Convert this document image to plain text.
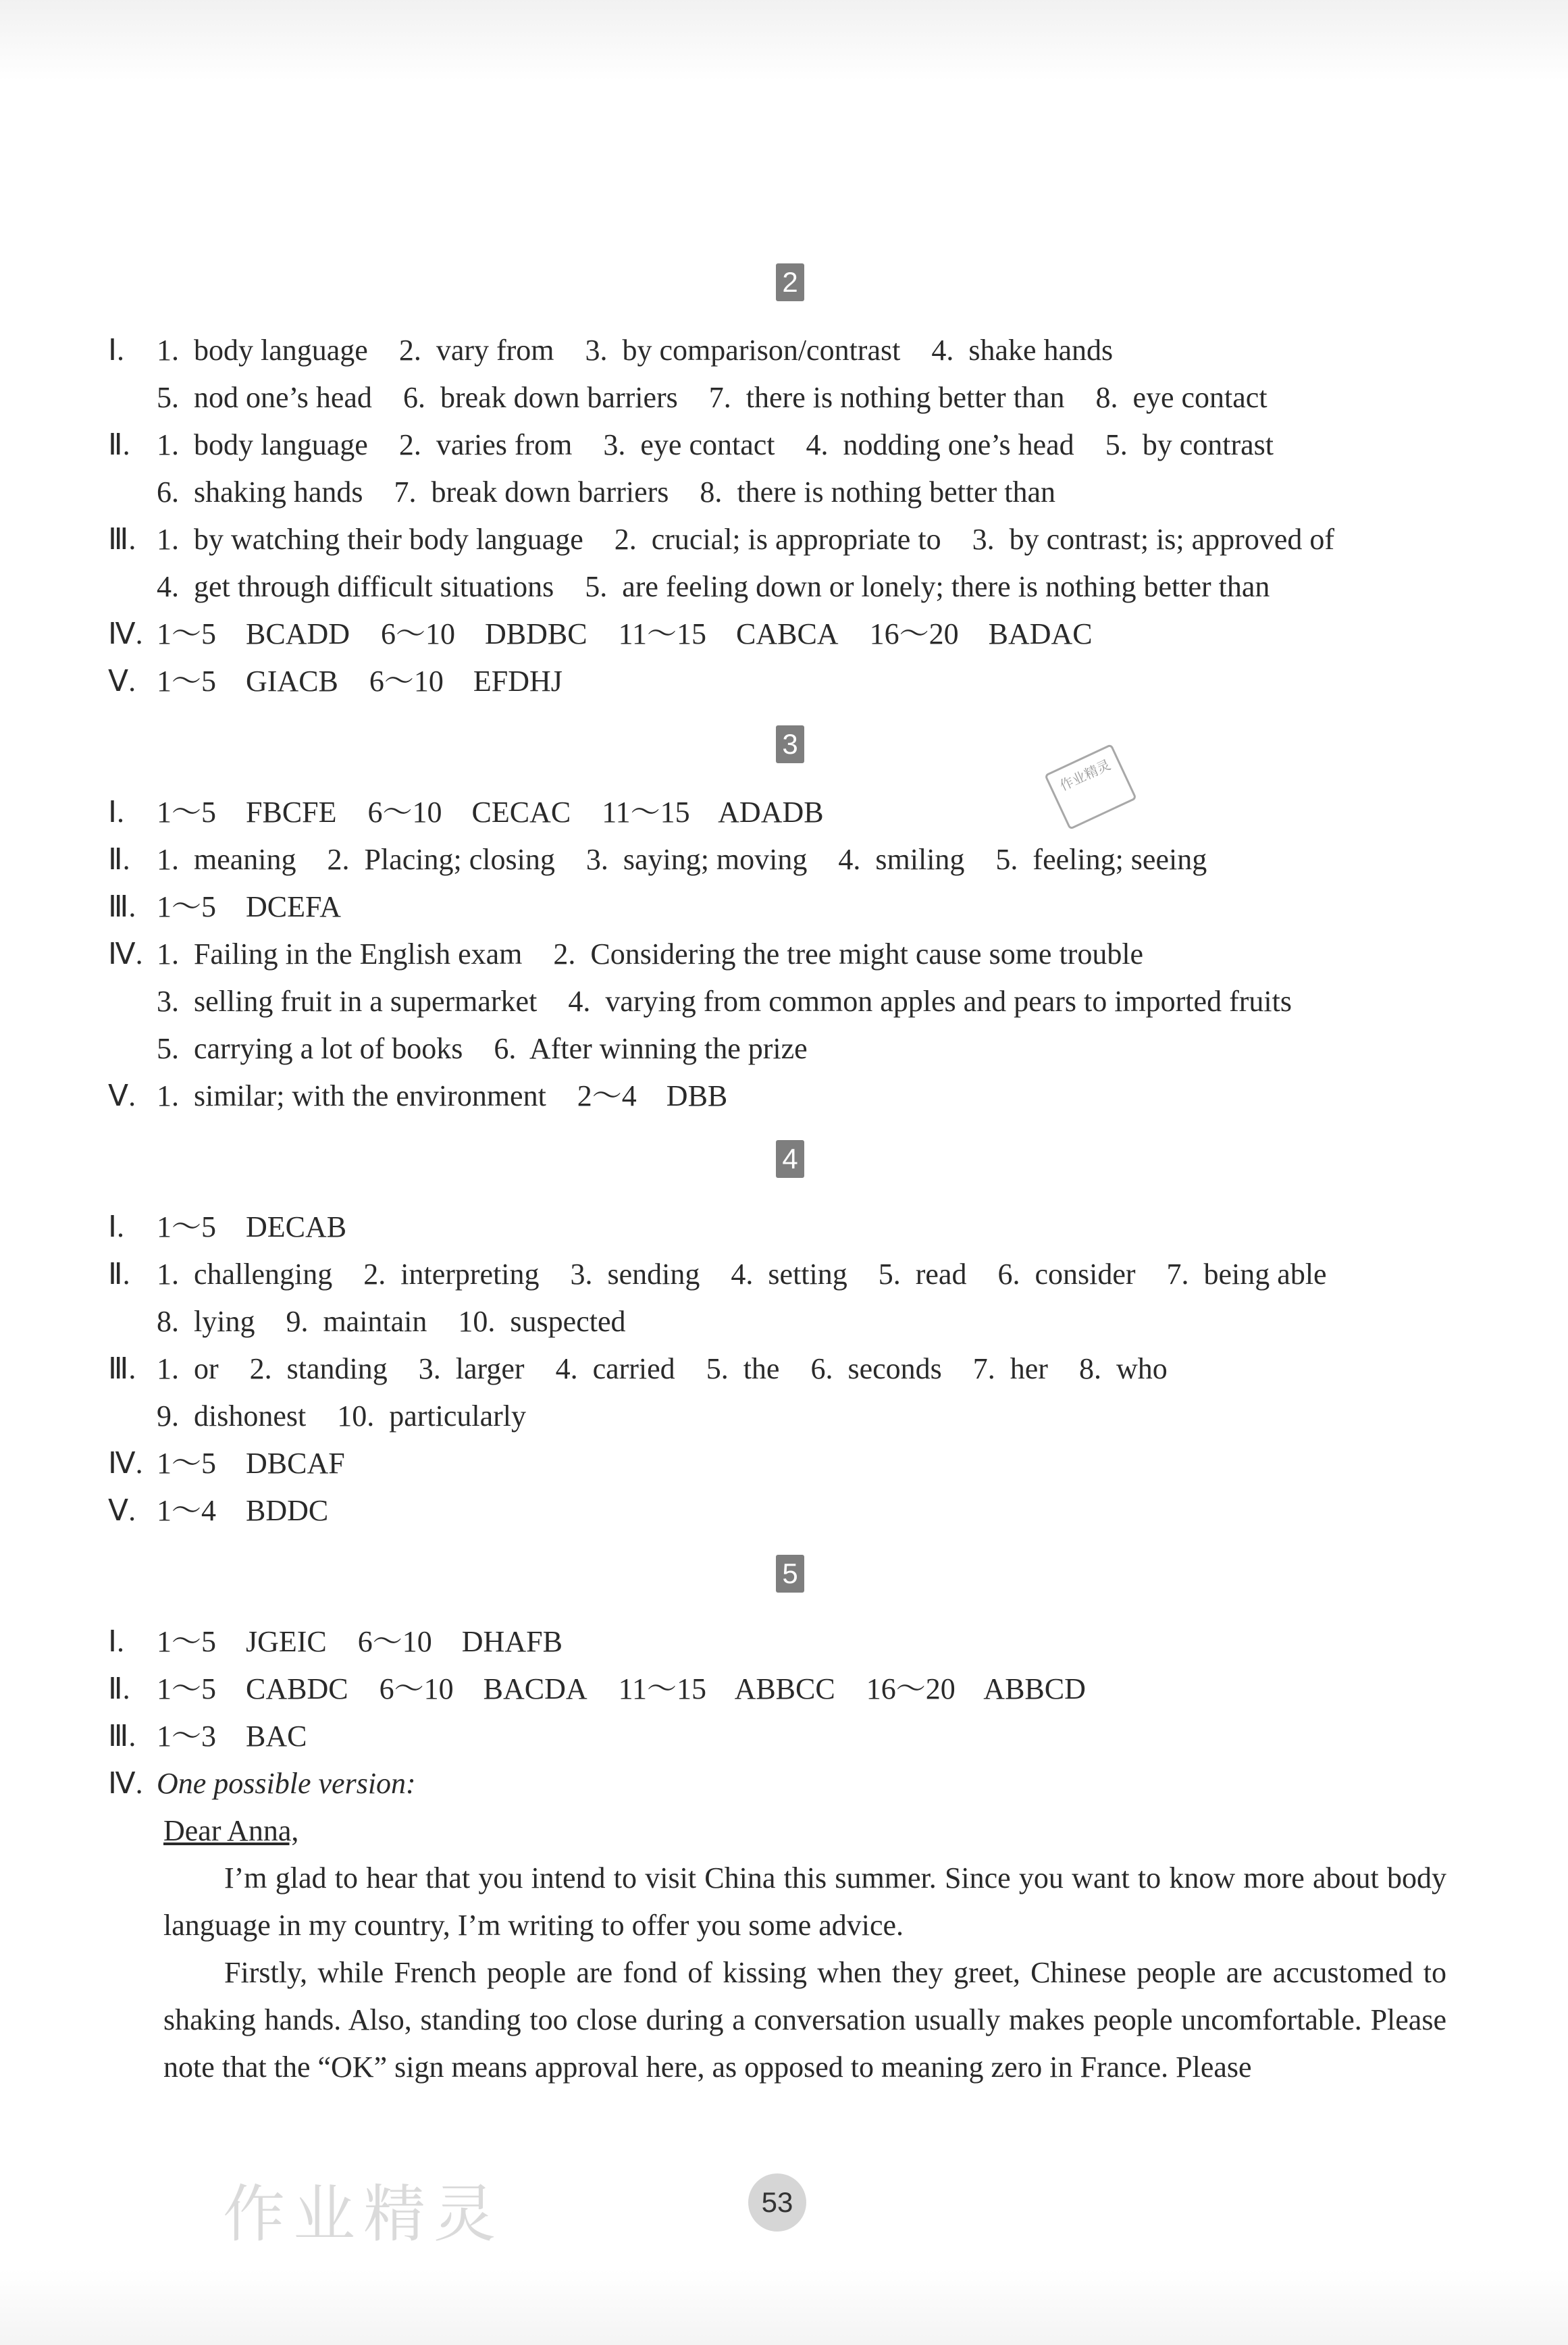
2
Ⅰ.	1.  body language 2.  vary from 3.  by comparison/contrast 4.  shake hands
5.  nod one’s head 6.  break down barriers 7.  there is nothing better than 8.  eye contact
Ⅱ. 1.  body language 2.  varies from 3.  eye contact 4.  nodding one’s head 5.  by contrast
6.  shaking hands 7.  break down barriers 8.  there is nothing better than
Ⅲ. 1.  by watching their body language 2.  crucial; is appropriate to 3.  by contrast; is; approved of
4.  get through difficult situations 5.  are feeling down or lonely; there is nothing better than
Ⅳ. 1～5    BCADD 6～10    DBDBC 11～15    CABCA 16～20    BADAC
Ⅴ. 1～5    GIACB 6～10    EFDHJ
3
Ⅰ.	1～5    FBCFE 6～10    CECAC 11～15    ADADB
Ⅱ. 1.  meaning 2.  Placing; closing 3.  saying; moving 4.  smiling 5.  feeling; seeing
Ⅲ. 1～5    DCEFA
Ⅳ. 1.  Failing in the English exam 2.  Considering the tree might cause some trouble
3.  selling fruit in a supermarket 4.  varying from common apples and pears to imported fruits
5.  carrying a lot of books 6.  After winning the prize
Ⅴ. 1.  similar; with the environment 2～4    DBB
4
Ⅰ.	1～5    DECAB
Ⅱ. 1.  challenging 2.  interpreting 3.  sending 4.  setting 5.  read 6.  consider 7.  being able
8.  lying 9.  maintain 10.  suspected
Ⅲ. 1.  or 2.  standing 3.  larger 4.  carried 5.  the 6.  seconds 7.  her 8.  who
9.  dishonest 10.  particularly
Ⅳ. 1～5    DBCAF
Ⅴ. 1～4    BDDC
5
Ⅰ.	1～5    JGEIC 6～10    DHAFB
Ⅱ. 1～5    CABDC 6～10    BACDA 11～15    ABBCC 16～20    ABBCD
Ⅲ. 1～3    BAC
Ⅳ. One possible version:
Dear Anna,

I’m glad to hear that you intend to visit China this summer. Since you want to know more about body language in my country, I’m writing to offer you some advice.

Firstly, while French people are fond of kissing when they greet, Chinese people are accustomed to shaking hands. Also, standing too close during a conversation usually makes people uncomfortable. Please note that the “OK” sign means approval here, as opposed to meaning zero in France. Please

作业精灵
作业精灵	53
